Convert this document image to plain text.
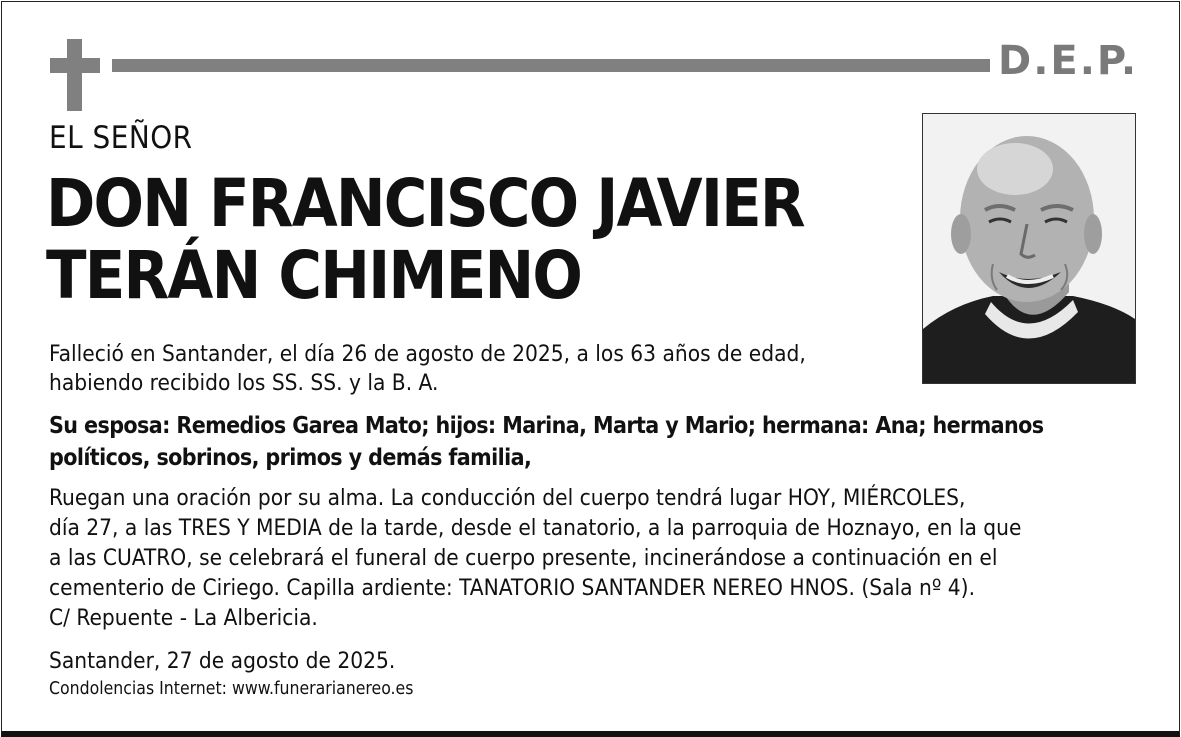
D.E.P.
EL SEÑOR
DON FRANCISCO JAVIER
TERÁN CHIMENO
Falleció en Santander, el día 26 de agosto de 2025, a los 63 años de edad,
habiendo recibido los SS. SS. y la B. A.
Su esposa: Remedios Garea Mato; hijos: Marina, Marta y Mario; hermana: Ana; hermanos
políticos, sobrinos, primos y demás familia,
Ruegan una oración por su alma. La conducción del cuerpo tendrá lugar HOY, MIÉRCOLES,
día 27, a las TRES Y MEDIA de la tarde, desde el tanatorio, a la parroquia de Hoznayo, en la que
a las CUATRO, se celebrará el funeral de cuerpo presente, incinerándose a continuación en el
cementerio de Ciriego. Capilla ardiente: TANATORIO SANTANDER NEREO HNOS. (Sala nº 4).
C/ Repuente - La Albericia.
Santander, 27 de agosto de 2025.
Condolencias Internet: www.funerarianereo.es
